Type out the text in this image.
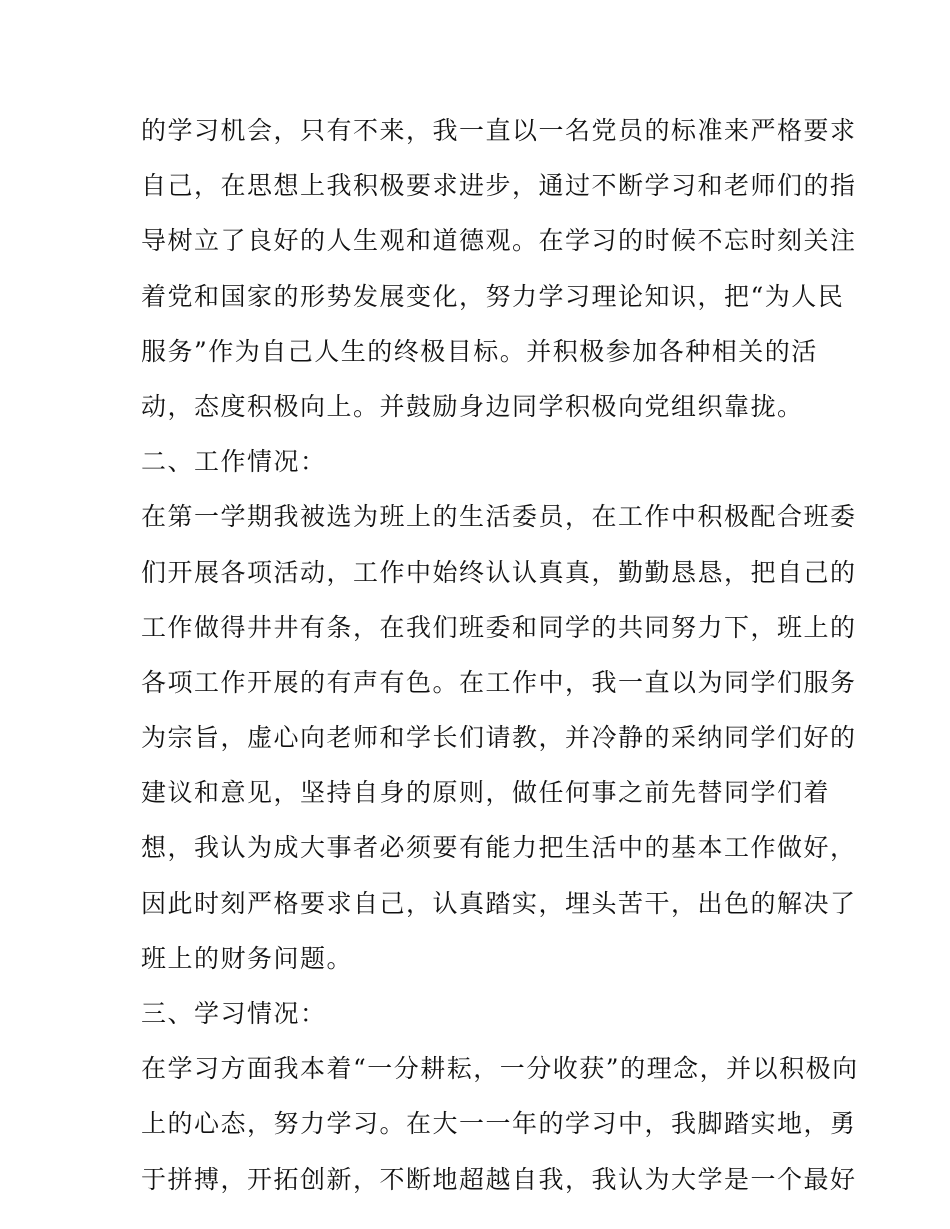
的学习机会，只有不来，我一直以一名党员的标准来严格要求
自己，在思想上我积极要求进步，通过不断学习和老师们的指
导树立了良好的人生观和道德观。在学习的时候不忘时刻关注
着党和国家的形势发展变化，努力学习理论知识，把“为人民
服务”作为自己人生的终极目标。并积极参加各种相关的活
动，态度积极向上。并鼓励身边同学积极向党组织靠拢。
二、工作情况：
在第一学期我被选为班上的生活委员，在工作中积极配合班委
们开展各项活动，工作中始终认认真真，勤勤恳恳，把自己的
工作做得井井有条，在我们班委和同学的共同努力下，班上的
各项工作开展的有声有色。在工作中，我一直以为同学们服务
为宗旨，虚心向老师和学长们请教，并冷静的采纳同学们好的
建议和意见，坚持自身的原则，做任何事之前先替同学们着
想，我认为成大事者必须要有能力把生活中的基本工作做好，
因此时刻严格要求自己，认真踏实，埋头苦干，出色的解决了
班上的财务问题。
三、学习情况：
在学习方面我本着“一分耕耘，一分收获”的理念，并以积极向
上的心态，努力学习。在大一一年的学习中，我脚踏实地，勇
于拼搏，开拓创新，不断地超越自我，我认为大学是一个最好
